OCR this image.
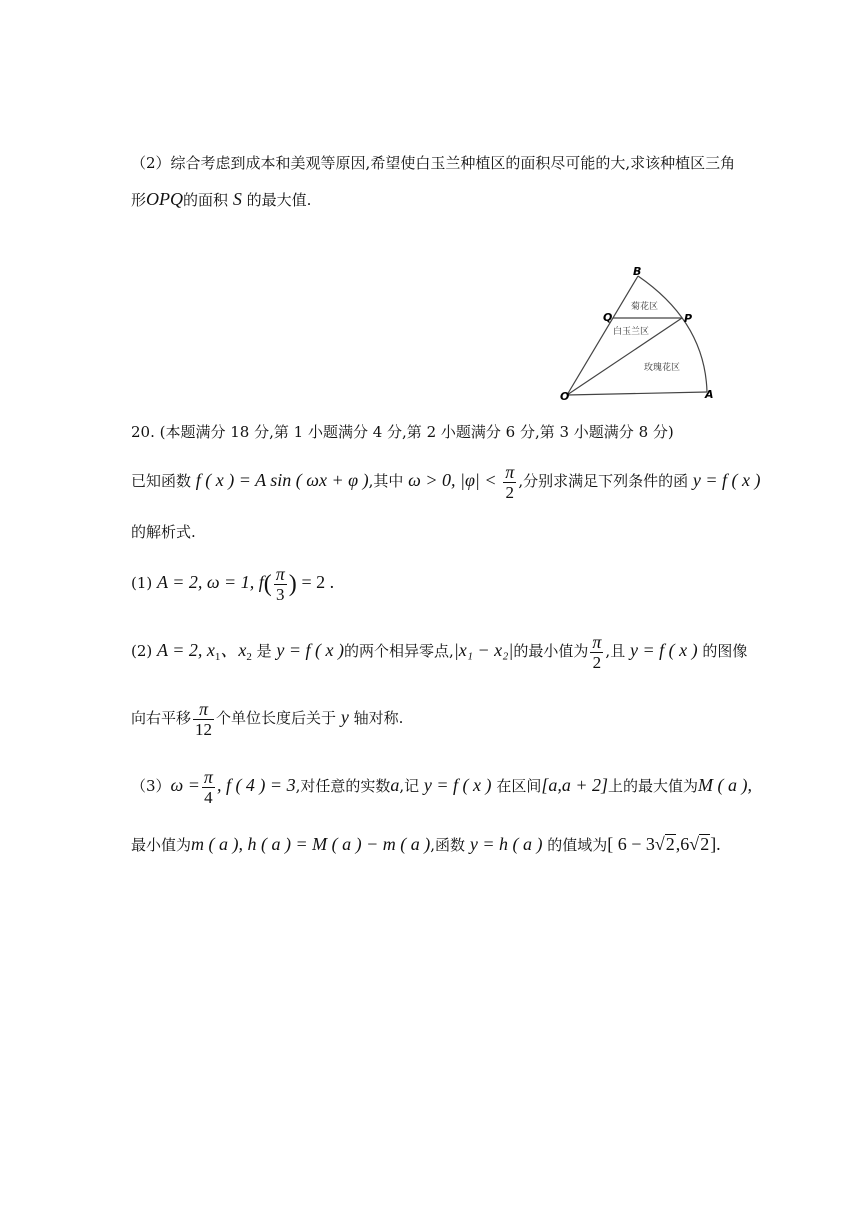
（2）综合考虑到成本和美观等原因,希望使白玉兰种植区的面积尽可能的大,求该种植区三角
形OPQ的面积 S 的最大值.
B
Q	P
O	A
菊花区
白玉兰区
玫瑰花区
20. (本题满分 18 分,第 1 小题满分 4 分,第 2 小题满分 6 分,第 3 小题满分 8 分)
已知函数 f ( x ) = A sin ( ωx + φ ),其中 ω > 0, $|\varphi| < \frac{\pi}{2}$ ,分别求满足下列条件的函 y = f ( x )
的解析式.
(1) A = 2, ω = 1, $f( \frac{\pi}{3}$ ) = 2 .
(2) A = 2, $x_1$、$x_2$ 是 y = f ( x )的两个相异零点,|x₁ − x₂|的最小值为 $\frac{\pi}{2}$ ,且 y = f ( x ) 的图像
向右平移 $\frac{\pi}{12}$ 个单位长度后关于 y 轴对称.
$(3)\omega = \frac{\pi}{4}$ , f ( 4 ) = 3,对任意的实数a,记 y = f ( x ) 在区间[a,a + 2]上的最大值为M ( a ),
最小值为m ( a ), h ( a ) = M ( a ) − m ( a ),函数 y = h ( a ) 的值域为[ 6 − 3√2,6√2].
